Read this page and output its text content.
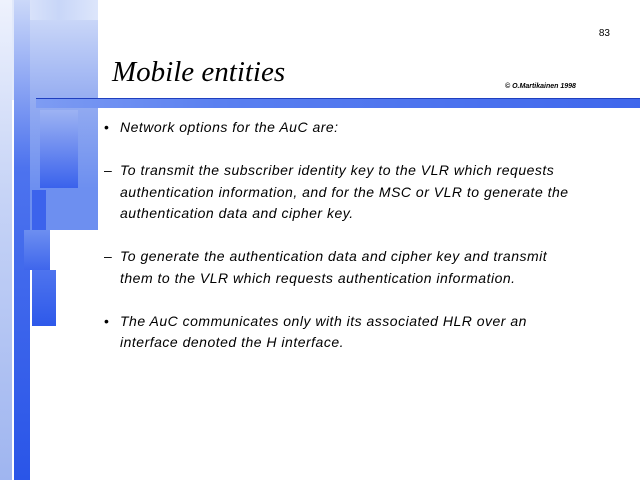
83
Mobile entities	© O.Martikainen 1998
• Network options for the AuC are:
– To transmit the subscriber identity key to the VLR which requests authentication information, and for the MSC or VLR to generate the authentication data and cipher key.
– To generate the authentication data and cipher key and transmit them to the VLR which requests authentication information.
• The AuC communicates only with its associated HLR over an interface denoted the H interface.
